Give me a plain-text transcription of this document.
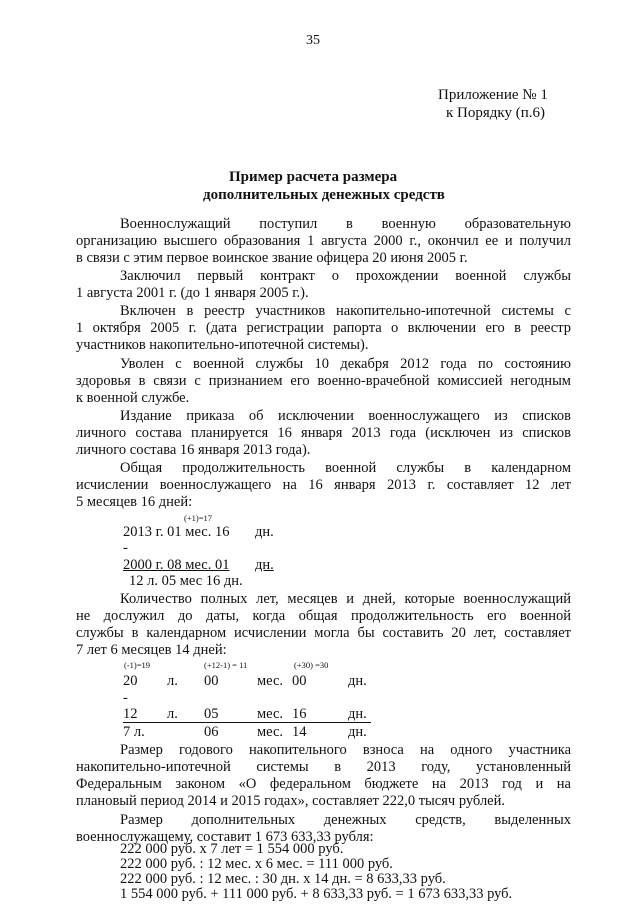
35
Приложение № 1
к Порядку (п.6)
Пример расчета размера
дополнительных денежных средств
Военнослужащий поступил в военную образовательную
организацию высшего образования 1 августа 2000 г., окончил ее и получил
в связи с этим первое воинское звание офицера 20 июня 2005 г.
Заключил первый контракт о прохождении военной службы
1 августа 2001 г. (до 1 января 2005 г.).
Включен в реестр участников накопительно-ипотечной системы с
1 октября 2005 г. (дата регистрации рапорта о включении его в реестр
участников накопительно-ипотечной системы).
Уволен с военной службы 10 декабря 2012 года по состоянию
здоровья в связи с признанием его военно-врачебной комиссией негодным
к военной службе.
Издание приказа об исключении военнослужащего из списков
личного состава планируется 16 января 2013 года (исключен из списков
личного состава 16 января 2013 года).
Общая продолжительность военной службы в календарном
исчислении военнослужащего на 16 января 2013 г. составляет 12 лет
5 месяцев 16 дней:
(+1)=17
2013 г. 01 мес. 16 дн.
-
2000 г. 08 мес. 01 дн.
12 л. 05 мес 16 дн.
Количество полных лет, месяцев и дней, которые военнослужащий
не дослужил до даты, когда общая продолжительность его военной
службы в календарном исчислении могла бы составить 20 лет, составляет
7 лет 6 месяцев 14 дней:
(-1)=19	(+12-1) = 11	(+30) =30
20 л. 00	мес. 00	дн.
-
12 л. 05	мес. 16	дн.
7 л.	06	мес. 14	дн.
Размер годового накопительного взноса на одного участника
накопительно-ипотечной системы в 2013 году, установленный
Федеральным законом «О федеральном бюджете на 2013 год и на
плановый период 2014 и 2015 годах», составляет 222,0 тысяч рублей.
Размер дополнительных денежных средств, выделенных
военнослужащему, составит 1 673 633,33 рубля:
222 000 руб. х 7 лет = 1 554 000 руб.
222 000 руб. : 12 мес. х 6 мес. = 111 000 руб.
222 000 руб. : 12 мес. : 30 дн. х 14 дн. = 8 633,33 руб.
1 554 000 руб. + 111 000 руб. + 8 633,33 руб. = 1 673 633,33 руб.
